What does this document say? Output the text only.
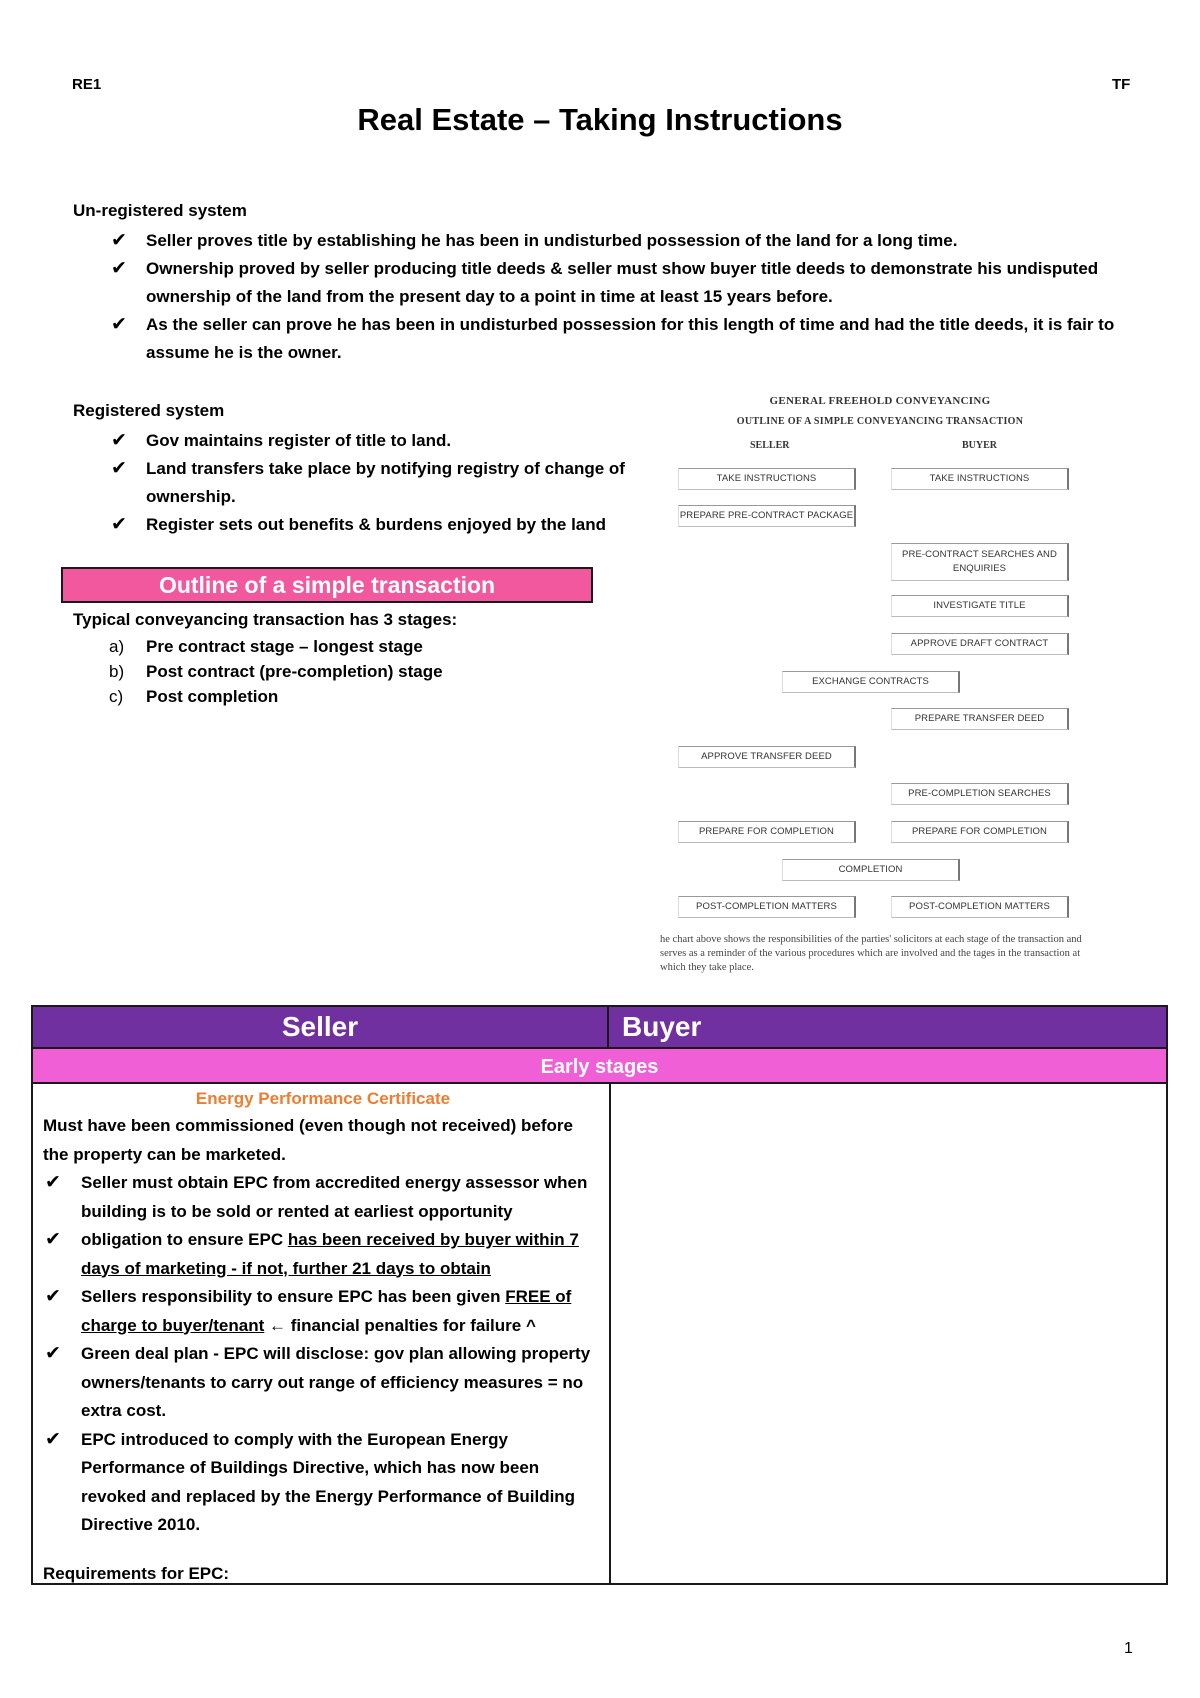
RE1	TF
Real Estate – Taking Instructions
Un-registered system
✔ Seller proves title by establishing he has been in undisturbed possession of the land for a long time.
✔ Ownership proved by seller producing title deeds & seller must show buyer title deeds to demonstrate his undisputed ownership of the land from the present day to a point in time at least 15 years before.
✔ As the seller can prove he has been in undisturbed possession for this length of time and had the title deeds, it is fair to assume he is the owner.
Registered system
✔ Gov maintains register of title to land.
✔ Land transfers take place by notifying registry of change of ownership.
✔ Register sets out benefits & burdens enjoyed by the land
Outline of a simple transaction
Typical conveyancing transaction has 3 stages:
a) Pre contract stage – longest stage
b) Post contract (pre-completion) stage
c) Post completion
GENERAL FREEHOLD CONVEYANCING
OUTLINE OF A SIMPLE CONVEYANCING TRANSACTION
SELLER	BUYER
TAKE INSTRUCTIONS	TAKE INSTRUCTIONS
PREPARE PRE-CONTRACT PACKAGE
PRE-CONTRACT SEARCHES AND ENQUIRIES
INVESTIGATE TITLE
APPROVE DRAFT CONTRACT
EXCHANGE CONTRACTS
PREPARE TRANSFER DEED
APPROVE TRANSFER DEED
PRE-COMPLETION SEARCHES
PREPARE FOR COMPLETION	PREPARE FOR COMPLETION
COMPLETION
POST-COMPLETION MATTERS	POST-COMPLETION MATTERS
he chart above shows the responsibilities of the parties' solicitors at each stage of the transaction and serves as a reminder of the various procedures which are involved and the tages in the transaction at which they take place.
Seller	Buyer
Early stages
Energy Performance Certificate
Must have been commissioned (even though not received) before the property can be marketed.
✔ Seller must obtain EPC from accredited energy assessor when building is to be sold or rented at earliest opportunity
✔ obligation to ensure EPC has been received by buyer within 7 days of marketing - if not, further 21 days to obtain
✔ Sellers responsibility to ensure EPC has been given FREE of charge to buyer/tenant ← financial penalties for failure ^
✔ Green deal plan - EPC will disclose: gov plan allowing property owners/tenants to carry out range of efficiency measures = no extra cost.
✔ EPC introduced to comply with the European Energy Performance of Buildings Directive, which has now been revoked and replaced by the Energy Performance of Building Directive 2010.
Requirements for EPC:
1
